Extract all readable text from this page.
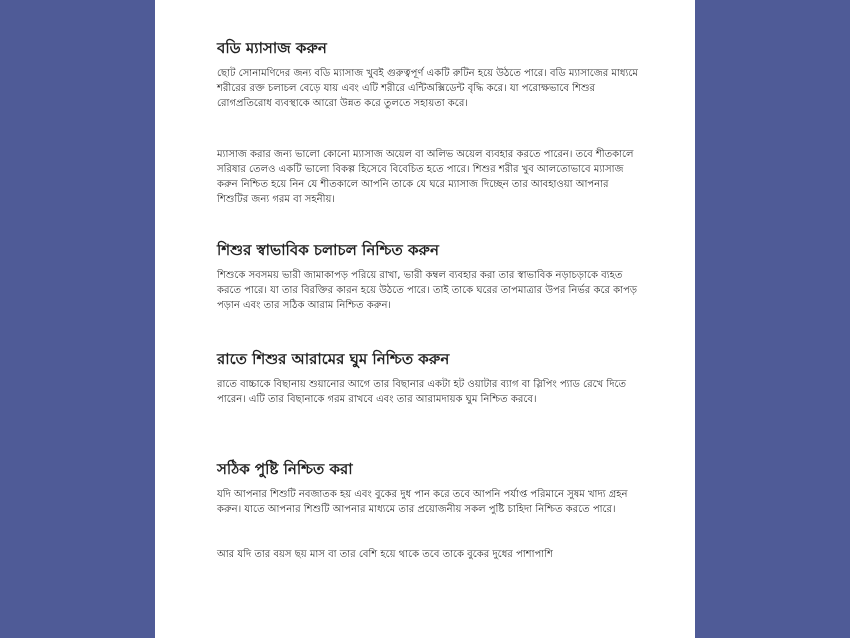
বডি ম্যাসাজ করুন

ছোট সোনামণিদের জন্য বডি ম্যাসাজ খুবই গুরুত্বপূর্ণ একটি রুটিন হয়ে উঠতে পারে। বডি ম্যাসাজের মাধ্যমে শরীরের রক্ত চলাচল বেড়ে যায় এবং এটি শরীরে এন্টিঅক্সিডেন্ট বৃদ্ধি করে। যা পরোক্ষভাবে শিশুর রোগপ্রতিরোধ ব্যবস্থাকে আরো উন্নত করে তুলতে সহায়তা করে।

ম্যাসাজ করার জন্য ভালো কোনো ম্যাসাজ অয়েল বা অলিভ অয়েল ব্যবহার করতে পারেন। তবে শীতকালে সরিষার তেলও একটি ভালো বিকল্প হিসেবে বিবেচিত হতে পারে। শিশুর শরীর খুব আলতোভাবে ম্যাসাজ করুন নিশ্চিত হয়ে নিন যে শীতকালে আপনি তাকে যে ঘরে ম্যাসাজ দিচ্ছেন তার আবহাওয়া আপনার শিশুটির জন্য গরম বা সহনীয়।

শিশুর স্বাভাবিক চলাচল নিশ্চিত করুন

শিশুকে সবসময় ভারী জামাকাপড় পরিয়ে রাখা, ভারী কম্বল ব্যবহার করা তার স্বাভাবিক নড়াচড়াকে ব্যহত করতে পারে। যা তার বিরক্তির কারন হয়ে উঠতে পারে। তাই তাকে ঘরের তাপমাত্রার উপর নির্ভর করে কাপড় পড়ান এবং তার সঠিক আরাম নিশ্চিত করুন।

রাতে শিশুর আরামের ঘুম নিশ্চিত করুন

রাতে বাচ্চাকে বিছানায় শুয়ানোর আগে তার বিছানার একটা হট ওয়াটার ব্যাগ বা স্লিপিং প্যাড রেখে দিতে পারেন। এটি তার বিছানাকে গরম রাখবে এবং তার আরামদায়ক ঘুম নিশ্চিত করবে।

সঠিক পুষ্টি নিশ্চিত করা

যদি আপনার শিশুটি নবজাতক হয় এবং বুকের দুধ পান করে তবে আপনি পর্যাপ্ত পরিমানে সুষম খাদ্য গ্রহন করুন। যাতে আপনার শিশুটি আপনার মাধ্যমে তার প্রয়োজনীয় সকল পুষ্টি চাহিদা নিশ্চিত করতে পারে।

আর যদি তার বয়স ছয় মাস বা তার বেশি হয়ে থাকে তবে তাকে বুকের দুধের পাশাপাশি
